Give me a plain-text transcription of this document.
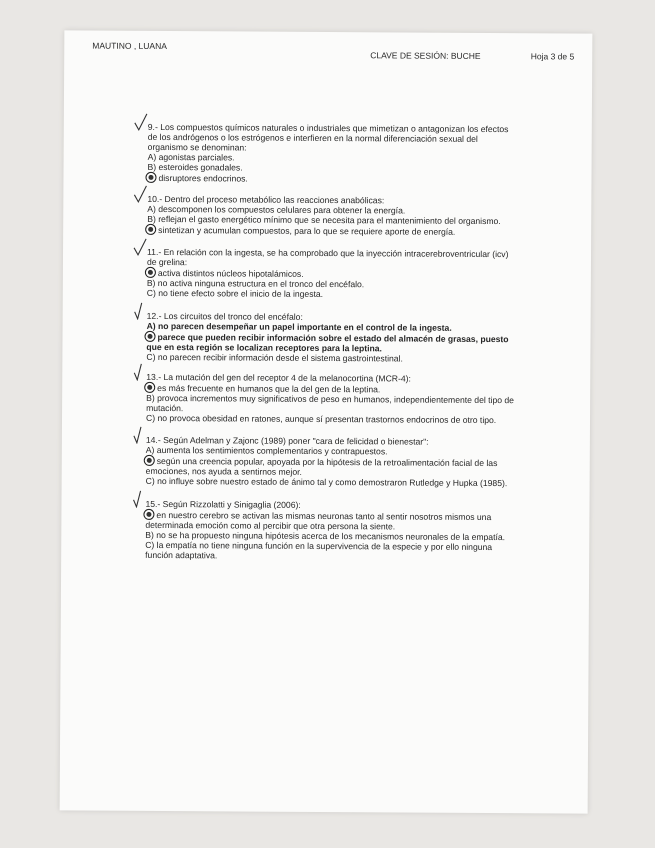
MAUTINO , LUANA
CLAVE DE SESIÓN: BUCHE	Hoja 3 de 5
9.- Los compuestos químicos naturales o industriales que mimetizan o antagonizan los efectos de los andrógenos o los estrógenos e interfieren en la normal diferenciación sexual del organismo se denominan:
A) agonistas parciales.
B) esteroides gonadales.
disruptores endocrinos.
10.- Dentro del proceso metabólico las reacciones anabólicas:
A) descomponen los compuestos celulares para obtener la energía.
B) reflejan el gasto energético mínimo que se necesita para el mantenimiento del organismo.
sintetizan y acumulan compuestos, para lo que se requiere aporte de energía.
11.- En relación con la ingesta, se ha comprobado que la inyección intracerebroventricular (icv) de grelina:
activa distintos núcleos hipotalámicos.
B) no activa ninguna estructura en el tronco del encéfalo.
C) no tiene efecto sobre el inicio de la ingesta.
12.- Los circuitos del tronco del encéfalo:
A) no parecen desempeñar un papel importante en el control de la ingesta.
parece que pueden recibir información sobre el estado del almacén de grasas, puesto que en esta región se localizan receptores para la leptina.
C) no parecen recibir información desde el sistema gastrointestinal.
13.- La mutación del gen del receptor 4 de la melanocortina (MCR-4):
es más frecuente en humanos que la del gen de la leptina.
B) provoca incrementos muy significativos de peso en humanos, independientemente del tipo de mutación.
C) no provoca obesidad en ratones, aunque sí presentan trastornos endocrinos de otro tipo.
14.- Según Adelman y Zajonc (1989) poner "cara de felicidad o bienestar":
A) aumenta los sentimientos complementarios y contrapuestos.
según una creencia popular, apoyada por la hipótesis de la retroalimentación facial de las emociones, nos ayuda a sentirnos mejor.
C) no influye sobre nuestro estado de ánimo tal y como demostraron Rutledge y Hupka (1985).
15.- Según Rizzolatti y Sinigaglia (2006):
en nuestro cerebro se activan las mismas neuronas tanto al sentir nosotros mismos una determinada emoción como al percibir que otra persona la siente.
B) no se ha propuesto ninguna hipótesis acerca de los mecanismos neuronales de la empatía.
C) la empatía no tiene ninguna función en la supervivencia de la especie y por ello ninguna función adaptativa.
